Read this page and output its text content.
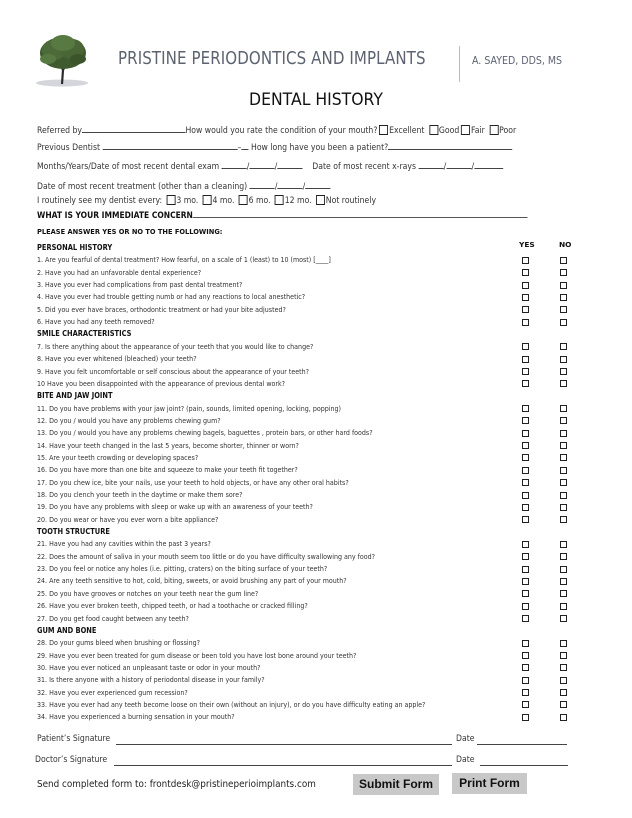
PRISTINE PERIODONTICS AND IMPLANTS	A. SAYED, DDS, MS
DENTAL HISTORY
Referred by	How would you rate the condition of your mouth? Excellent Good Fair Poor
Previous Dentist	– How long have you been a patient?
Months/Years/Date of most recent dental exam	/	/	Date of most recent x-rays	/	/
Date of most recent treatment (other than a cleaning)	/	/
I routinely see my dentist every: 3 mo. 4 mo. 6 mo. 12 mo. Not routinely
WHAT IS YOUR IMMEDIATE CONCERN
PLEASE ANSWER YES OR NO TO THE FOLLOWING:
YES	NO
PERSONAL HISTORY
1. Are you fearful of dental treatment? How fearful, on a scale of 1 (least) to 10 (most) [____]
2. Have you had an unfavorable dental experience?
3. Have you ever had complications from past dental treatment?
4. Have you ever had trouble getting numb or had any reactions to local anesthetic?
5. Did you ever have braces, orthodontic treatment or had your bite adjusted?
6. Have you had any teeth removed?
SMILE CHARACTERISTICS
7. Is there anything about the appearance of your teeth that you would like to change?
8. Have you ever whitened (bleached) your teeth?
9. Have you felt uncomfortable or self conscious about the appearance of your teeth?
10 Have you been disappointed with the appearance of previous dental work?
BITE AND JAW JOINT
11. Do you have problems with your jaw joint? (pain, sounds, limited opening, locking, popping)
12. Do you / would you have any problems chewing gum?
13. Do you / would you have any problems chewing bagels, baguettes , protein bars, or other hard foods?
14. Have your teeth changed in the last 5 years, become shorter, thinner or worn?
15. Are your teeth crowding or developing spaces?
16. Do you have more than one bite and squeeze to make your teeth fit together?
17. Do you chew ice, bite your nails, use your teeth to hold objects, or have any other oral habits?
18. Do you clench your teeth in the daytime or make them sore?
19. Do you have any problems with sleep or wake up with an awareness of your teeth?
20. Do you wear or have you ever worn a bite appliance?
TOOTH STRUCTURE
21. Have you had any cavities within the past 3 years?
22. Does the amount of saliva in your mouth seem too little or do you have difficulty swallowing any food?
23. Do you feel or notice any holes (i.e. pitting, craters) on the biting surface of your teeth?
24. Are any teeth sensitive to hot, cold, biting, sweets, or avoid brushing any part of your mouth?
25. Do you have grooves or notches on your teeth near the gum line?
26. Have you ever broken teeth, chipped teeth, or had a toothache or cracked filling?
27. Do you get food caught between any teeth?
GUM AND BONE
28. Do your gums bleed when brushing or flossing?
29. Have you ever been treated for gum disease or been told you have lost bone around your teeth?
30. Have you ever noticed an unpleasant taste or odor in your mouth?
31. Is there anyone with a history of periodontal disease in your family?
32. Have you ever experienced gum recession?
33. Have you ever had any teeth become loose on their own (without an injury), or do you have difficulty eating an apple?
34. Have you experienced a burning sensation in your mouth?
Patient’s Signature	Date
Doctor’s Signature	Date
Send completed form to: frontdesk@pristineperioimplants.com	Submit Form	Print Form
